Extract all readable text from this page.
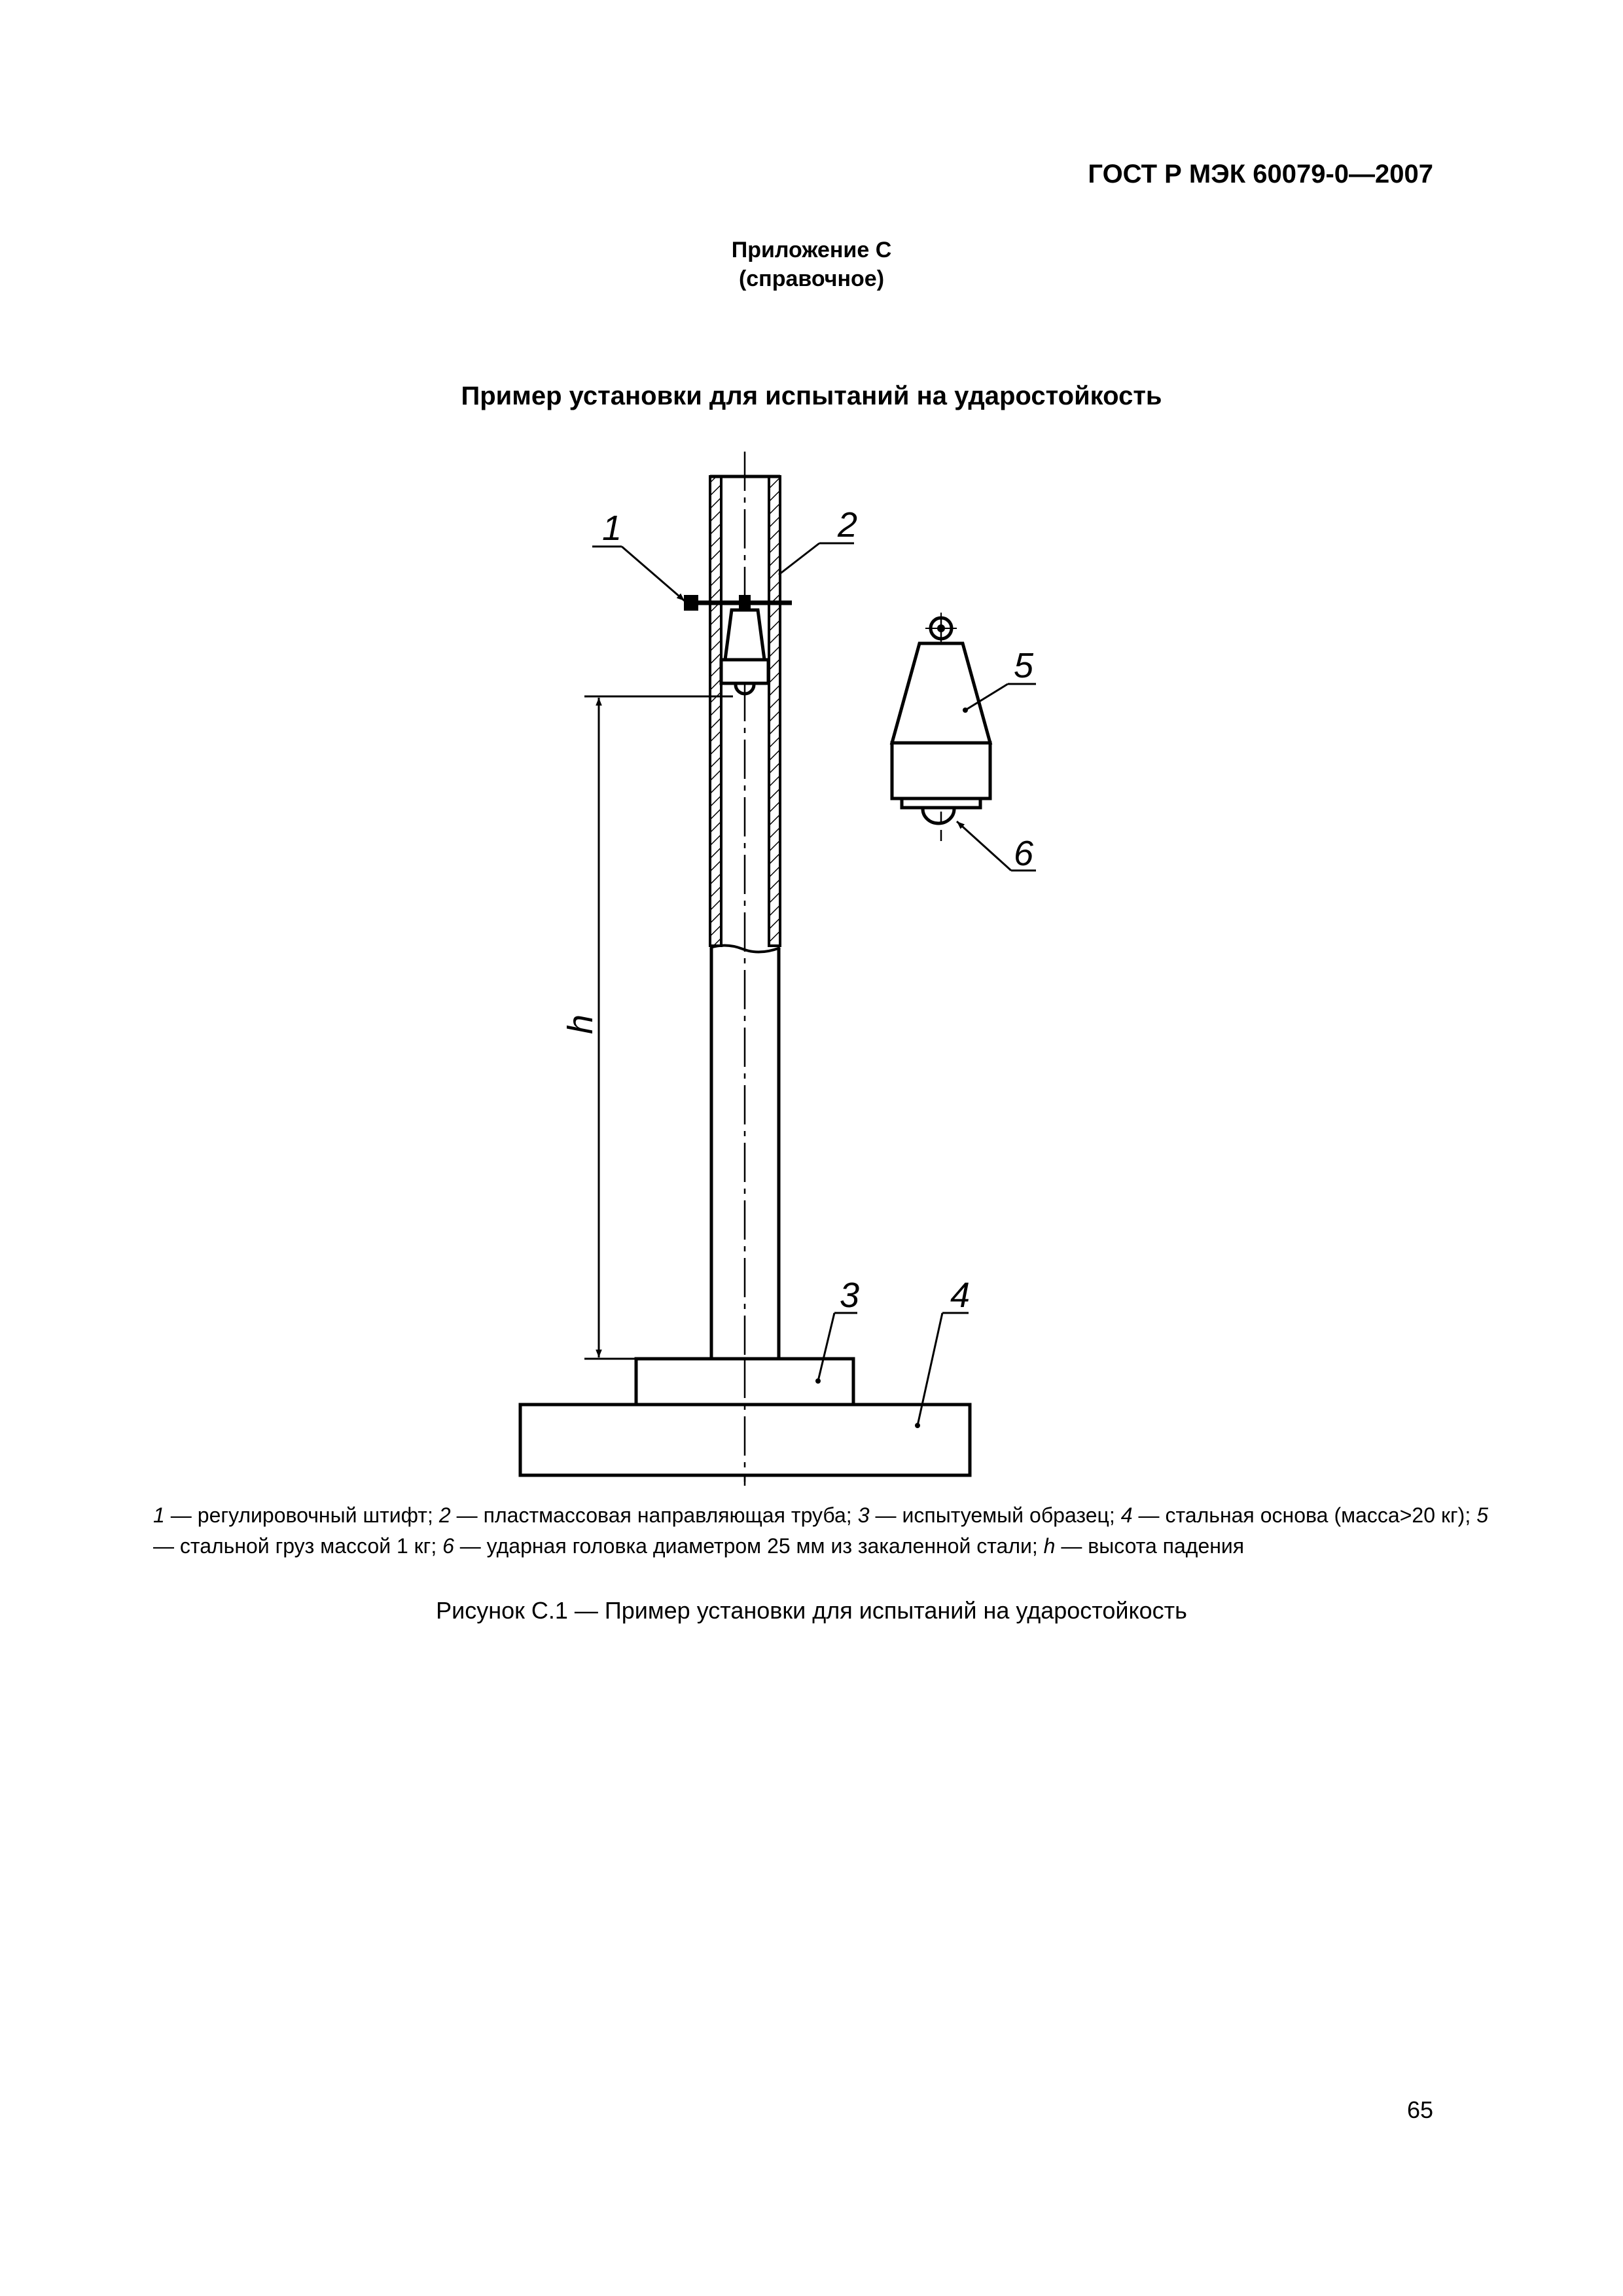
ГОСТ Р МЭК 60079-0—2007
Приложение С
(справочное)
Пример установки для испытаний на ударостойкость
h
1	2
3	4
5
6

1 — регулировочный штифт; 2 — пластмассовая направляющая труба; 3 — испытуемый образец; 4 — стальная основа (масса>20 кг); 5 — стальной груз массой 1 кг; 6 — ударная головка диаметром 25 мм из закаленной стали; h — высота падения

Рисунок С.1 — Пример установки для испытаний на ударостойкость
65
